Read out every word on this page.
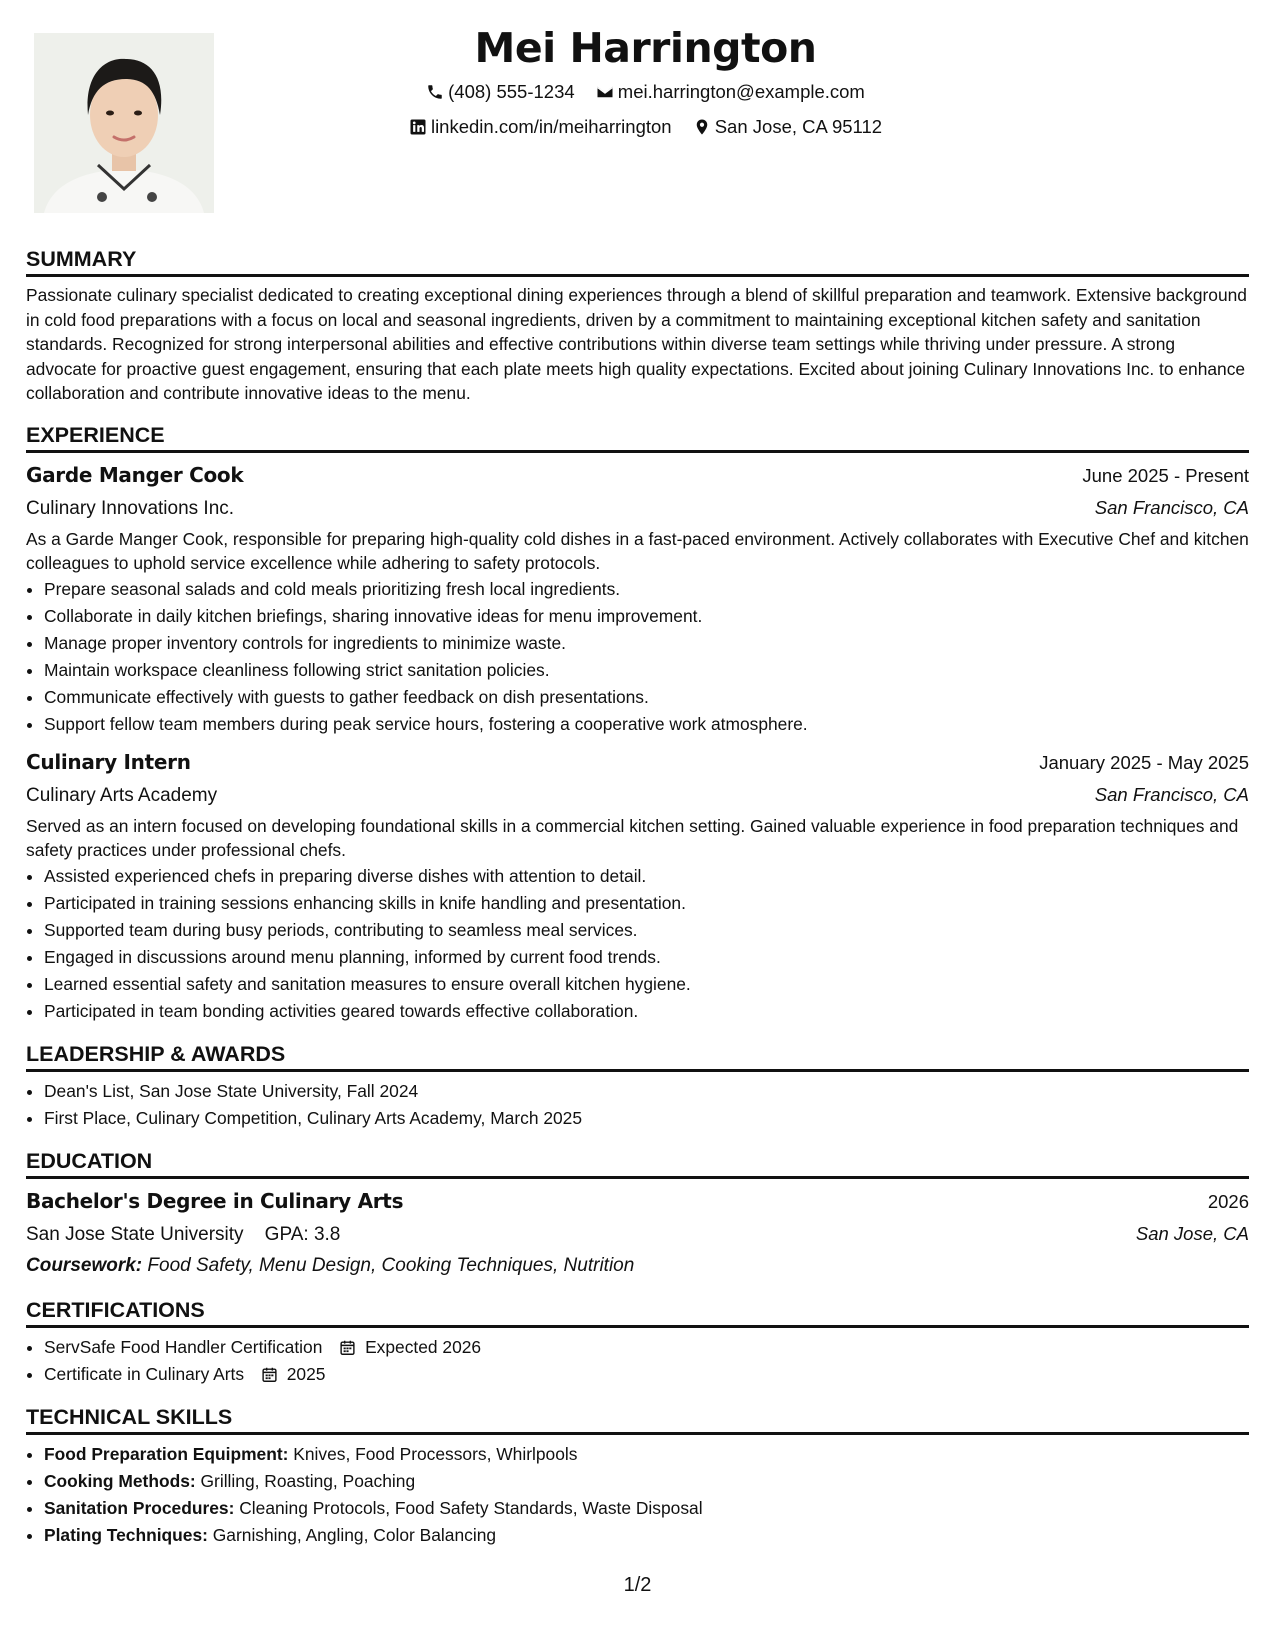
Mei Harrington
(408) 555-1234
mei.harrington@example.com
linkedin.com/in/meiharrington
San Jose, CA 95112
SUMMARY

Passionate culinary specialist dedicated to creating exceptional dining experiences through a blend of skillful preparation and teamwork. Extensive background in cold food preparations with a focus on local and seasonal ingredients, driven by a commitment to maintaining exceptional kitchen safety and sanitation standards. Recognized for strong interpersonal abilities and effective contributions within diverse team settings while thriving under pressure. A strong advocate for proactive guest engagement, ensuring that each plate meets high quality expectations. Excited about joining Culinary Innovations Inc. to enhance collaboration and contribute innovative ideas to the menu.

EXPERIENCE
Garde Manger Cook	June 2025 - Present
Culinary Innovations Inc.	San Francisco, CA

As a Garde Manger Cook, responsible for preparing high-quality cold dishes in a fast-paced environment. Actively collaborates with Executive Chef and kitchen colleagues to uphold service excellence while adhering to safety protocols.

• Prepare seasonal salads and cold meals prioritizing fresh local ingredients.
• Collaborate in daily kitchen briefings, sharing innovative ideas for menu improvement.
• Manage proper inventory controls for ingredients to minimize waste.
• Maintain workspace cleanliness following strict sanitation policies.
• Communicate effectively with guests to gather feedback on dish presentations.
• Support fellow team members during peak service hours, fostering a cooperative work atmosphere.
Culinary Intern	January 2025 - May 2025
Culinary Arts Academy	San Francisco, CA

Served as an intern focused on developing foundational skills in a commercial kitchen setting. Gained valuable experience in food preparation techniques and safety practices under professional chefs.

• Assisted experienced chefs in preparing diverse dishes with attention to detail.
• Participated in training sessions enhancing skills in knife handling and presentation.
• Supported team during busy periods, contributing to seamless meal services.
• Engaged in discussions around menu planning, informed by current food trends.
• Learned essential safety and sanitation measures to ensure overall kitchen hygiene.
• Participated in team bonding activities geared towards effective collaboration.
LEADERSHIP & AWARDS
• Dean's List, San Jose State University, Fall 2024
• First Place, Culinary Competition, Culinary Arts Academy, March 2025
EDUCATION
Bachelor's Degree in Culinary Arts	2026
San Jose State University GPA: 3.8	San Jose, CA
Coursework: Food Safety, Menu Design, Cooking Techniques, Nutrition
CERTIFICATIONS
• ServSafe Food Handler Certification Expected 2026
• Certificate in Culinary Arts 2025
TECHNICAL SKILLS
• Food Preparation Equipment: Knives, Food Processors, Whirlpools
• Cooking Methods: Grilling, Roasting, Poaching
• Sanitation Procedures: Cleaning Protocols, Food Safety Standards, Waste Disposal
• Plating Techniques: Garnishing, Angling, Color Balancing
1/2
